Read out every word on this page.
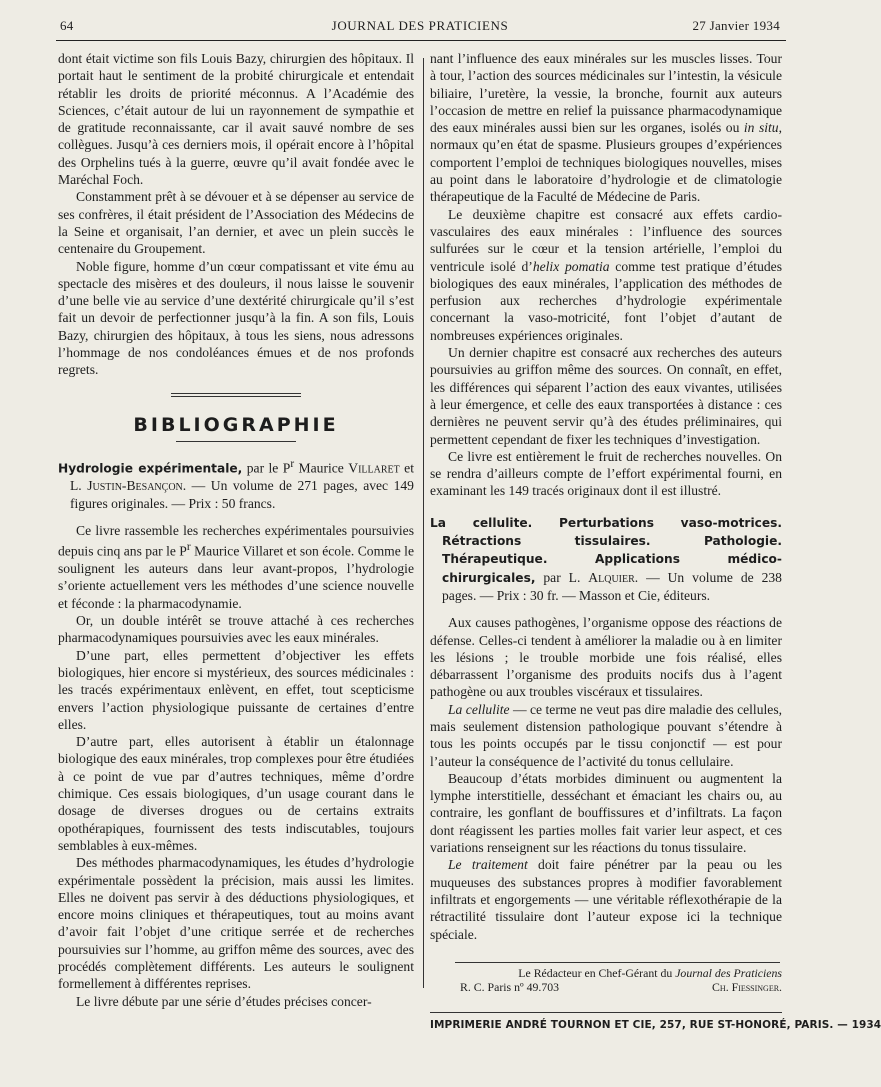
64	JOURNAL DES PRATICIENS	27 Janvier 1934

dont était victime son fils Louis Bazy, chirurgien des hôpitaux. Il portait haut le sentiment de la probité chirurgicale et entendait rétablir les droits de priorité méconnus. A l’Académie des Sciences, c’était autour de lui un rayonnement de sympathie et de gratitude reconnaissante, car il avait sauvé nombre de ses collègues. Jusqu’à ces derniers mois, il opérait encore à l’hôpital des Orphelins tués à la guerre, œuvre qu’il avait fondée avec le Maréchal Foch.

Constamment prêt à se dévouer et à se dépenser au service de ses confrères, il était président de l’Association des Médecins de la Seine et organisait, l’an dernier, et avec un plein succès le centenaire du Groupement.

Noble figure, homme d’un cœur compatissant et vite ému au spectacle des misères et des douleurs, il nous laisse le souvenir d’une belle vie au service d’une dextérité chirurgicale qu’il s’est fait un devoir de perfectionner jusqu’à la fin. A son fils, Louis Bazy, chirurgien des hôpitaux, à tous les siens, nous adressons l’hommage de nos condoléances émues et de nos profonds regrets.

BIBLIOGRAPHIE

Hydrologie expérimentale, par le $P^r$ Maurice Villaret et L. Justin-Besançon. — Un volume de 271 pages, avec 149 figures originales. — Prix : 50 francs.

Ce livre rassemble les recherches expérimentales poursuivies depuis cinq ans par le $P^r$ Maurice Villaret et son école. Comme le soulignent les auteurs dans leur avant-propos, l’hydrologie s’oriente actuellement vers les méthodes d’une science nouvelle et féconde : la pharmacodynamie.

Or, un double intérêt se trouve attaché à ces recherches pharmacodynamiques poursuivies avec les eaux minérales.

D’une part, elles permettent d’objectiver les effets biologiques, hier encore si mystérieux, des sources médicinales : les tracés expérimentaux enlèvent, en effet, tout scepticisme envers l’action physiologique puissante de certaines d’entre elles.

D’autre part, elles autorisent à établir un étalonnage biologique des eaux minérales, trop complexes pour être étudiées à ce point de vue par d’autres techniques, même d’ordre chimique. Ces essais biologiques, d’un usage courant dans le dosage de diverses drogues ou de certains extraits opothérapiques, fournissent des tests indiscutables, toujours semblables à eux-mêmes.

Des méthodes pharmacodynamiques, les études d’hydrologie expérimentale possèdent la précision, mais aussi les limites. Elles ne doivent pas servir à des déductions physiologiques, et encore moins cliniques et thérapeutiques, tout au moins avant d’avoir fait l’objet d’une critique serrée et de recherches poursuivies sur l’homme, au griffon même des sources, avec des procédés complètement différents. Les auteurs le soulignent formellement à différentes reprises.

Le livre débute par une série d’études précises concer-

nant l’influence des eaux minérales sur les muscles lisses. Tour à tour, l’action des sources médicinales sur l’intestin, la vésicule biliaire, l’uretère, la vessie, la bronche, fournit aux auteurs l’occasion de mettre en relief la puissance pharmacodynamique des eaux minérales aussi bien sur les organes, isolés ou in situ, normaux qu’en état de spasme. Plusieurs groupes d’expériences comportent l’emploi de techniques biologiques nouvelles, mises au point dans le laboratoire d’hydrologie et de climatologie thérapeutique de la Faculté de Médecine de Paris.

Le deuxième chapitre est consacré aux effets cardio-vasculaires des eaux minérales : l’influence des sources sulfurées sur le cœur et la tension artérielle, l’emploi du ventricule isolé d’helix pomatia comme test pratique d’études biologiques des eaux minérales, l’application des méthodes de perfusion aux recherches d’hydrologie expérimentale concernant la vaso-motricité, font l’objet d’autant de nombreuses expériences originales.

Un dernier chapitre est consacré aux recherches des auteurs poursuivies au griffon même des sources. On connaît, en effet, les différences qui séparent l’action des eaux vivantes, utilisées à leur émergence, et celle des eaux transportées à distance : ces dernières ne peuvent servir qu’à des études préliminaires, qui permettent cependant de fixer les techniques d’investigation.

Ce livre est entièrement le fruit de recherches nouvelles. On se rendra d’ailleurs compte de l’effort expérimental fourni, en examinant les 149 tracés originaux dont il est illustré.

La cellulite. Perturbations vaso-motrices. Rétractions tissulaires. Pathologie. Thérapeutique. Applications médico-chirurgicales, par L. Alquier. — Un volume de 238 pages. — Prix : 30 fr. — Masson et Cie, éditeurs.

Aux causes pathogènes, l’organisme oppose des réactions de défense. Celles-ci tendent à améliorer la maladie ou à en limiter les lésions ; le trouble morbide une fois réalisé, elles débarrassent l’organisme des produits nocifs dus à l’agent pathogène ou aux troubles viscéraux et tissulaires.

La cellulite — ce terme ne veut pas dire maladie des cellules, mais seulement distension pathologique pouvant s’étendre à tous les points occupés par le tissu conjonctif — est pour l’auteur la conséquence de l’activité du tonus cellulaire.

Beaucoup d’états morbides diminuent ou augmentent la lymphe interstitielle, desséchant et émaciant les chairs ou, au contraire, les gonflant de bouffissures et d’infiltrats. La façon dont réagissent les parties molles fait varier leur aspect, et ces variations renseignent sur les réactions du tonus tissulaire.

Le traitement doit faire pénétrer par la peau ou les muqueuses des substances propres à modifier favorablement infiltrats et engorgements — une véritable réflexothérapie de la rétractilité tissulaire dont l’auteur expose ici la technique spéciale.

Le Rédacteur en Chef-Gérant du Journal des Praticiens
R. C. Paris nº 49.703	Ch. Fiessinger.
IMPRIMERIE ANDRÉ TOURNON ET CIE, 257, RUE ST-HONORÉ, PARIS. — 1934
